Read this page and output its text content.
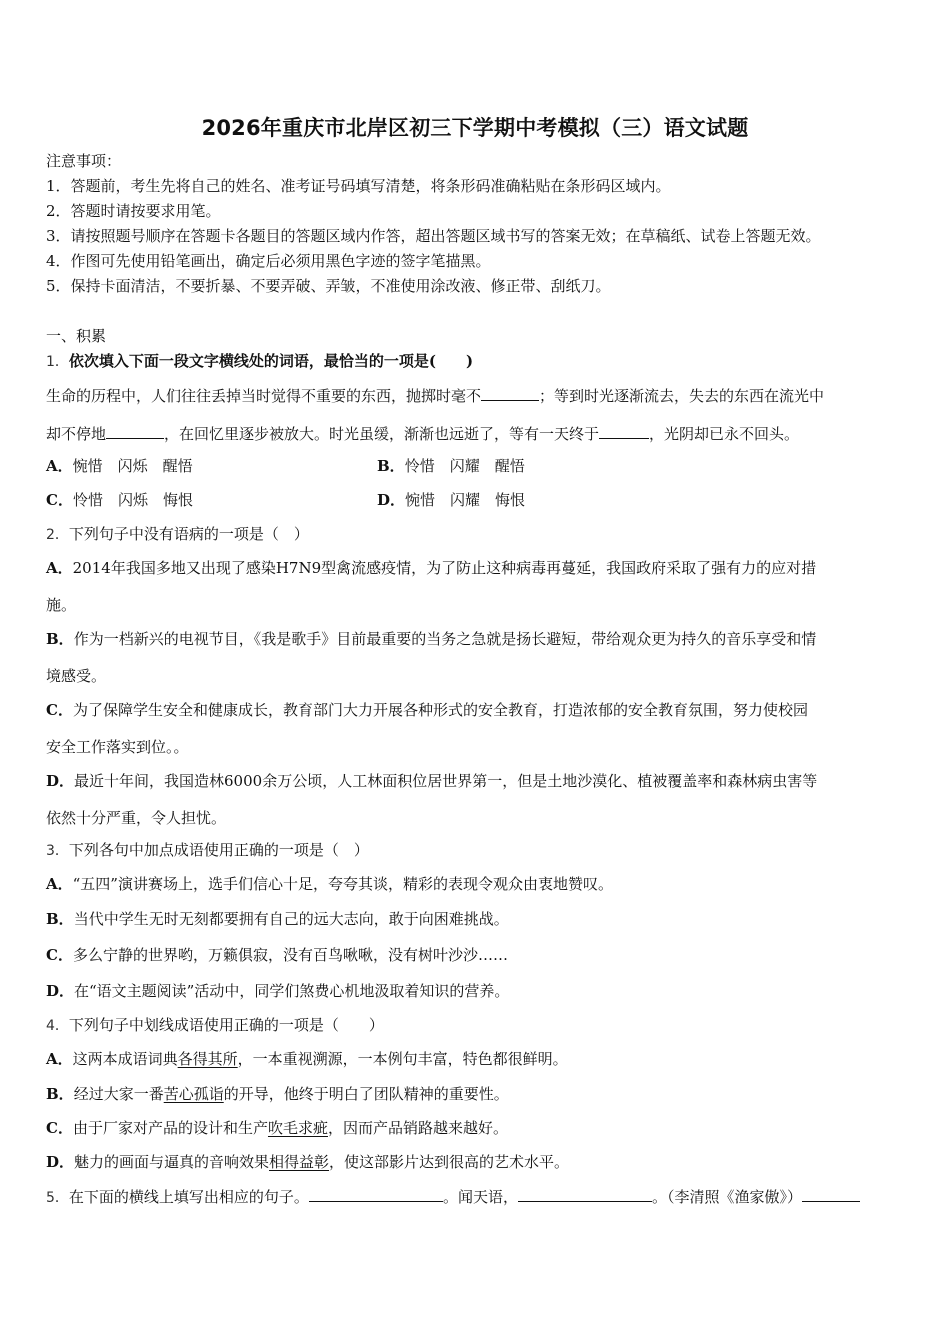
2026年重庆市北岸区初三下学期中考模拟（三）语文试题
注意事项：
1．答题前，考生先将自己的姓名、准考证号码填写清楚，将条形码准确粘贴在条形码区域内。
2．答题时请按要求用笔。
3．请按照题号顺序在答题卡各题目的答题区域内作答，超出答题区域书写的答案无效；在草稿纸、试卷上答题无效。
4．作图可先使用铅笔画出，确定后必须用黑色字迹的签字笔描黑。
5．保持卡面清洁，不要折暴、不要弄破、弄皱，不准使用涂改液、修正带、刮纸刀。
一、积累
1．依次填入下面一段文字横线处的词语，最恰当的一项是(　　)
生命的历程中，人们往往丢掉当时觉得不重要的东西，抛掷时毫不	；等到时光逐渐流去，失去的东西在流光中
却不停地	，在回忆里逐步被放大。时光虽缓，渐渐也远逝了，等有一天终于	，光阴却已永不回头。
A．惋惜　闪烁　醒悟	B．怜惜　闪耀　醒悟
C．怜惜　闪烁　悔恨	D．惋惜　闪耀　悔恨
2．下列句子中没有语病的一项是（　）
A．2014年我国多地又出现了感染H7N9型禽流感疫情，为了防止这种病毒再蔓延，我国政府采取了强有力的应对措
施。
B．作为一档新兴的电视节目，《我是歌手》目前最重要的当务之急就是扬长避短，带给观众更为持久的音乐享受和情
境感受。
C．为了保障学生安全和健康成长，教育部门大力开展各种形式的安全教育，打造浓郁的安全教育氛围，努力使校园
安全工作落实到位。。
D．最近十年间，我国造林6000余万公顷，人工林面积位居世界第一，但是土地沙漠化、植被覆盖率和森林病虫害等
依然十分严重，令人担忧。
3．下列各句中加点成语使用正确的一项是（　）
A．“五四”演讲赛场上，选手们信心十足，夸夸其谈，精彩的表现令观众由衷地赞叹。
B．当代中学生无时无刻都要拥有自己的远大志向，敢于向困难挑战。
C．多么宁静的世界哟，万籁俱寂，没有百鸟啾啾，没有树叶沙沙……
D．在“语文主题阅读”活动中，同学们煞费心机地汲取着知识的营养。
4．下列句子中划线成语使用正确的一项是（　　）
A．这两本成语词典各得其所，一本重视溯源，一本例句丰富，特色都很鲜明。
B．经过大家一番苦心孤诣的开导，他终于明白了团队精神的重要性。
C．由于厂家对产品的设计和生产吹毛求疵，因而产品销路越来越好。
D．魅力的画面与逼真的音响效果相得益彰，使这部影片达到很高的艺术水平。
5．在下面的横线上填写出相应的句子。	。闻天语，	。（李清照《渔家傲》）
